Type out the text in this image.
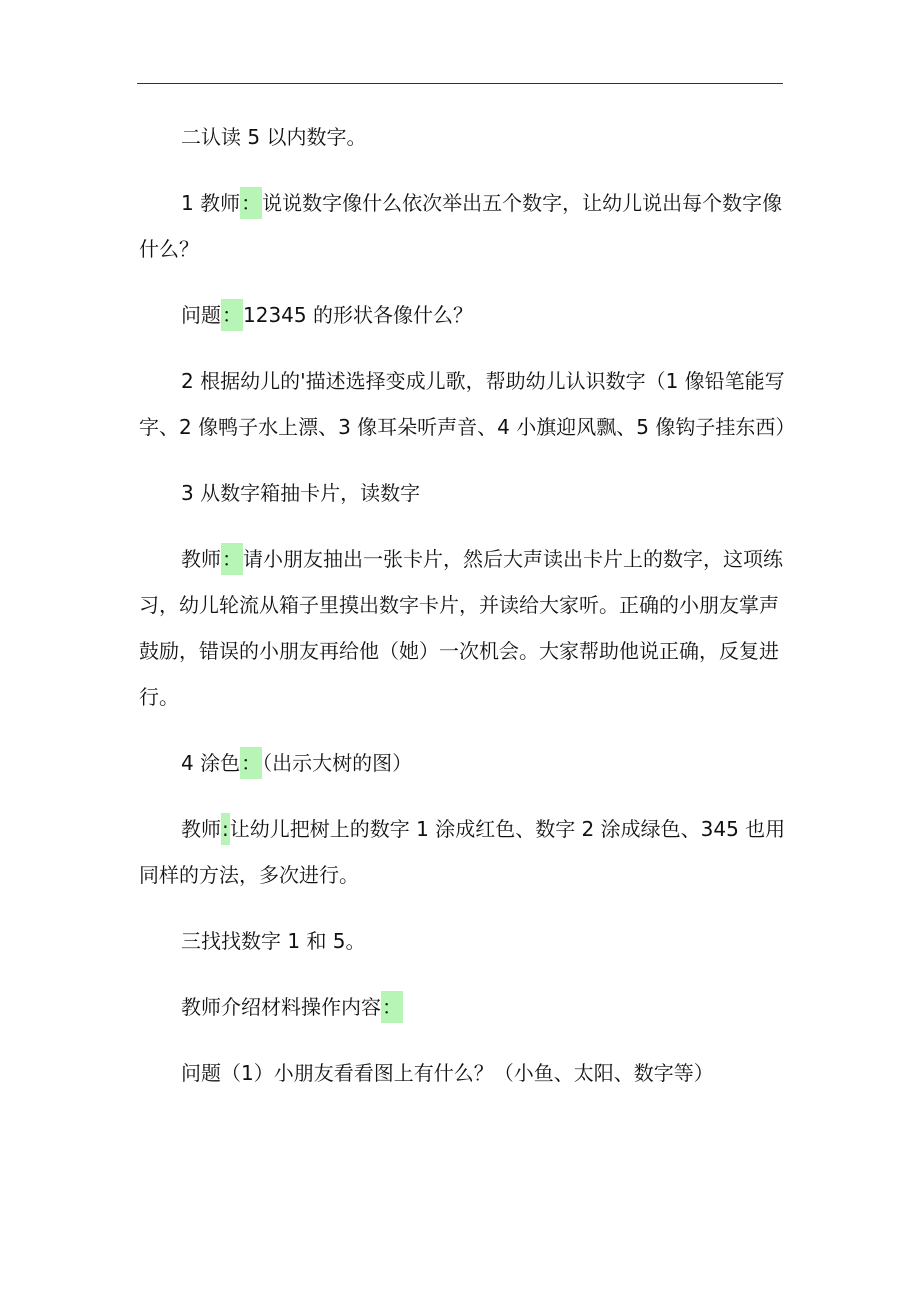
二认读 5 以内数字。

1 教师：说说数字像什么依次举出五个数字，让幼儿说出每个数字像什么？

问题：12345 的形状各像什么？

2 根据幼儿的'描述选择变成儿歌，帮助幼儿认识数字（1 像铅笔能写字、2 像鸭子水上漂、3 像耳朵听声音、4 小旗迎风飘、5 像钩子挂东西）

3 从数字箱抽卡片，读数字

教师：请小朋友抽出一张卡片，然后大声读出卡片上的数字，这项练习，幼儿轮流从箱子里摸出数字卡片，并读给大家听。正确的小朋友掌声鼓励，错误的小朋友再给他（她）一次机会。大家帮助他说正确，反复进行。

4 涂色：（出示大树的图）

教师:让幼儿把树上的数字 1 涂成红色、数字 2 涂成绿色、345 也用同样的方法，多次进行。

三找找数字 1 和 5。

教师介绍材料操作内容：

问题（1）小朋友看看图上有什么？（小鱼、太阳、数字等）
